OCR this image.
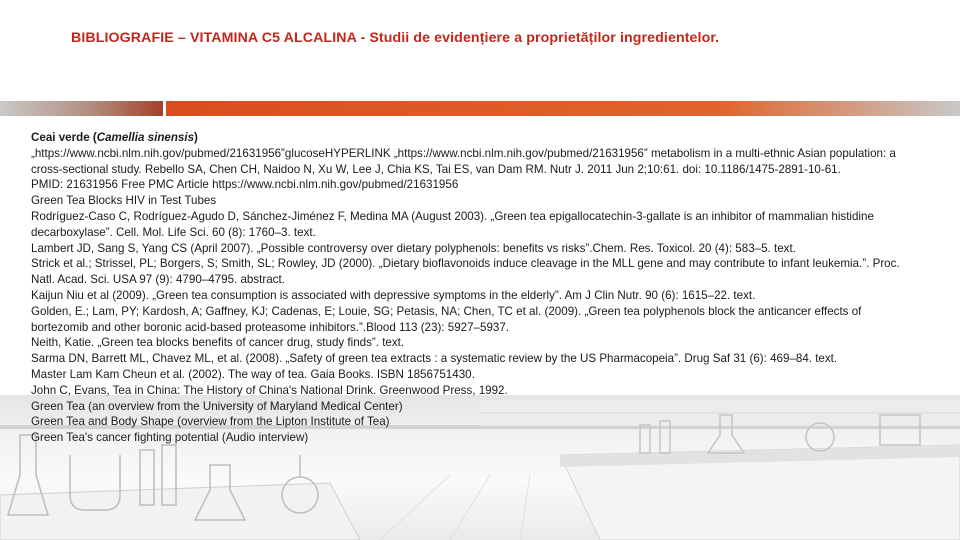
BIBLIOGRAFIE – VITAMINA C5 ALCALINA - Studii de evidențiere a proprietăților ingredientelor.

Ceai verde (Camellia sinensis)

„https://www.ncbi.nlm.nih.gov/pubmed/21631956”glucoseHYPERLINK „https://www.ncbi.nlm.nih.gov/pubmed/21631956” metabolism in a multi-ethnic Asian population: a cross-sectional study. Rebello SA, Chen CH, Naidoo N, Xu W, Lee J, Chia KS, Tai ES, van Dam RM. Nutr J. 2011 Jun 2;10:61. doi: 10.1186/1475-2891-10-61.

PMID: 21631956 Free PMC Article https://www.ncbi.nlm.nih.gov/pubmed/21631956

Green Tea Blocks HIV in Test Tubes

Rodríguez-Caso C, Rodríguez-Agudo D, Sánchez-Jiménez F, Medina MA (August 2003). „Green tea epigallocatechin-3-gallate is an inhibitor of mammalian histidine decarboxylase”. Cell. Mol. Life Sci. 60 (8): 1760–3. text.

Lambert JD, Sang S, Yang CS (April 2007). „Possible controversy over dietary polyphenols: benefits vs risks”.Chem. Res. Toxicol. 20 (4): 583–5. text.

Strick et al.; Strissel, PL; Borgers, S; Smith, SL; Rowley, JD (2000). „Dietary bioflavonoids induce cleavage in the MLL gene and may contribute to infant leukemia.”. Proc. Natl. Acad. Sci. USA 97 (9): 4790–4795. abstract.

Kaijun Niu et al (2009). „Green tea consumption is associated with depressive symptoms in the elderly”. Am J Clin Nutr. 90 (6): 1615–22. text.

Golden, E.; Lam, PY; Kardosh, A; Gaffney, KJ; Cadenas, E; Louie, SG; Petasis, NA; Chen, TC et al. (2009). „Green tea polyphenols block the anticancer effects of bortezomib and other boronic acid-based proteasome inhibitors.”.Blood 113 (23): 5927–5937.

Neith, Katie. „Green tea blocks benefits of cancer drug, study finds”. text.

Sarma DN, Barrett ML, Chavez ML, et al. (2008). „Safety of green tea extracts : a systematic review by the US Pharmacopeia”. Drug Saf 31 (6): 469–84. text.

Master Lam Kam Cheun et al. (2002). The way of tea. Gaia Books. ISBN 1856751430.

John C, Evans, Tea in China: The History of China's National Drink. Greenwood Press, 1992.

Green Tea (an overview from the University of Maryland Medical Center)

Green Tea and Body Shape (overview from the Lipton Institute of Tea)

Green Tea's cancer fighting potential (Audio interview)
